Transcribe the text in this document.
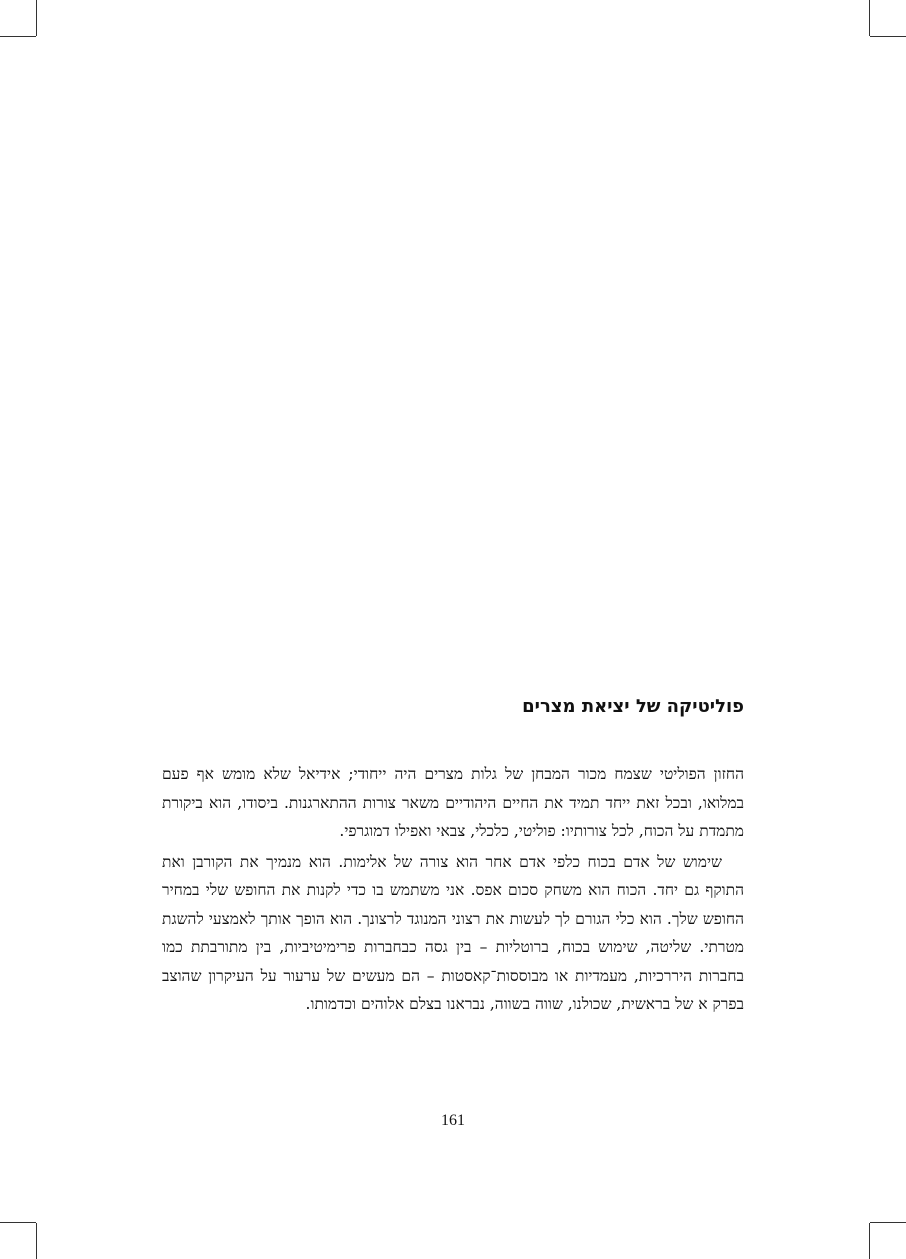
פוליטיקה של יציאת מצרים

החזון הפוליטי שצמח מכור המבחן של גלות מצרים היה ייחודי; אידיאל שלא מומש אף פעם במלואו, ובכל זאת ייחד תמיד את החיים היהודיים משאר צורות ההתארגנות. ביסודו, הוא ביקורת מתמדת על הכוח, לכל צורותיו: פוליטי, כלכלי, צבאי ואפילו דמוגרפי.

שימוש של אדם בכוח כלפי אדם אחר הוא צורה של אלימות. הוא מנמיך את הקורבן ואת התוקף גם יחד. הכוח הוא משחק סכום אפס. אני משתמש בו כדי לקנות את החופש שלי במחיר החופש שלך. הוא כלי הגורם לך לעשות את רצוני המנוגד לרצונך. הוא הופך אותך לאמצעי להשגת מטרתי. שליטה, שימוש בכוח, ברוטליות – בין גסה כבחברות פרימיטיביות, בין מתורבתת כמו בחברות היררכיות, מעמדיות או מבוססות־קאסטות – הם מעשים של ערעור על העיקרון שהוצב בפרק א של בראשית, שכולנו, שווה בשווה, נבראנו בצלם אלוהים וכדמותו.

161
